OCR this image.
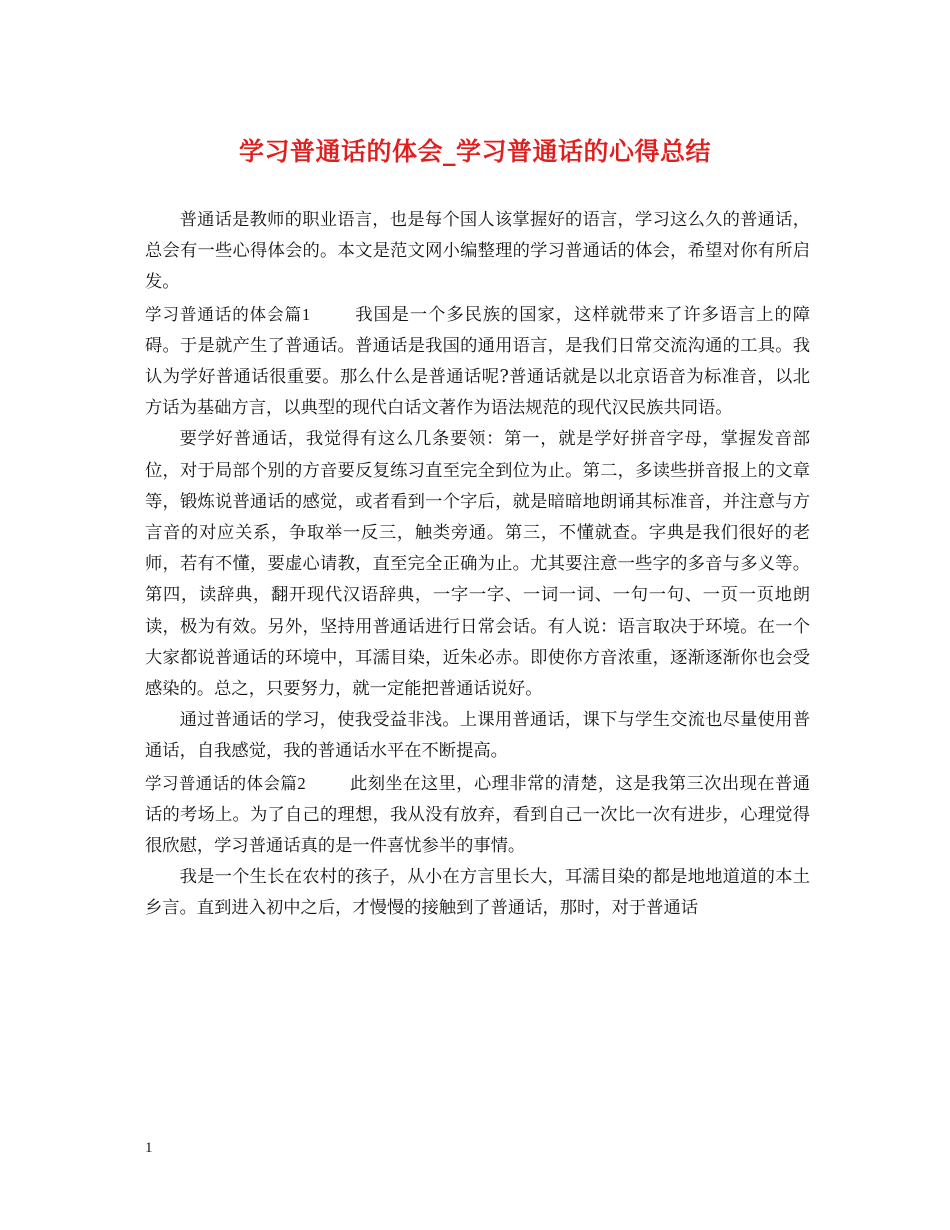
学习普通话的体会_学习普通话的心得总结

普通话是教师的职业语言，也是每个国人该掌握好的语言，学习这么久的普通话，总会有一些心得体会的。本文是范文网小编整理的学习普通话的体会，希望对你有所启发。

学习普通话的体会篇1	我国是一个多民族的国家，这样就带来了许多语言上的障碍。于是就产生了普通话。普通话是我国的通用语言，是我们日常交流沟通的工具。我认为学好普通话很重要。那么什么是普通话呢?普通话就是以北京语音为标准音，以北方话为基础方言，以典型的现代白话文著作为语法规范的现代汉民族共同语。

要学好普通话，我觉得有这么几条要领：第一，就是学好拼音字母，掌握发音部位，对于局部个别的方音要反复练习直至完全到位为止。第二，多读些拼音报上的文章等，锻炼说普通话的感觉，或者看到一个字后，就是暗暗地朗诵其标准音，并注意与方言音的对应关系，争取举一反三，触类旁通。第三，不懂就查。字典是我们很好的老师，若有不懂，要虚心请教，直至完全正确为止。尤其要注意一些字的多音与多义等。第四，读辞典，翻开现代汉语辞典，一字一字、一词一词、一句一句、一页一页地朗读，极为有效。另外，坚持用普通话进行日常会话。有人说：语言取决于环境。在一个大家都说普通话的环境中，耳濡目染，近朱必赤。即使你方音浓重，逐渐逐渐你也会受感染的。总之，只要努力，就一定能把普通话说好。

通过普通话的学习，使我受益非浅。上课用普通话，课下与学生交流也尽量使用普通话，自我感觉，我的普通话水平在不断提高。

学习普通话的体会篇2	此刻坐在这里，心理非常的清楚，这是我第三次出现在普通话的考场上。为了自己的理想，我从没有放弃，看到自己一次比一次有进步，心理觉得很欣慰，学习普通话真的是一件喜忧参半的事情。

我是一个生长在农村的孩子，从小在方言里长大，耳濡目染的都是地地道道的本土乡言。直到进入初中之后，才慢慢的接触到了普通话，那时，对于普通话

1
